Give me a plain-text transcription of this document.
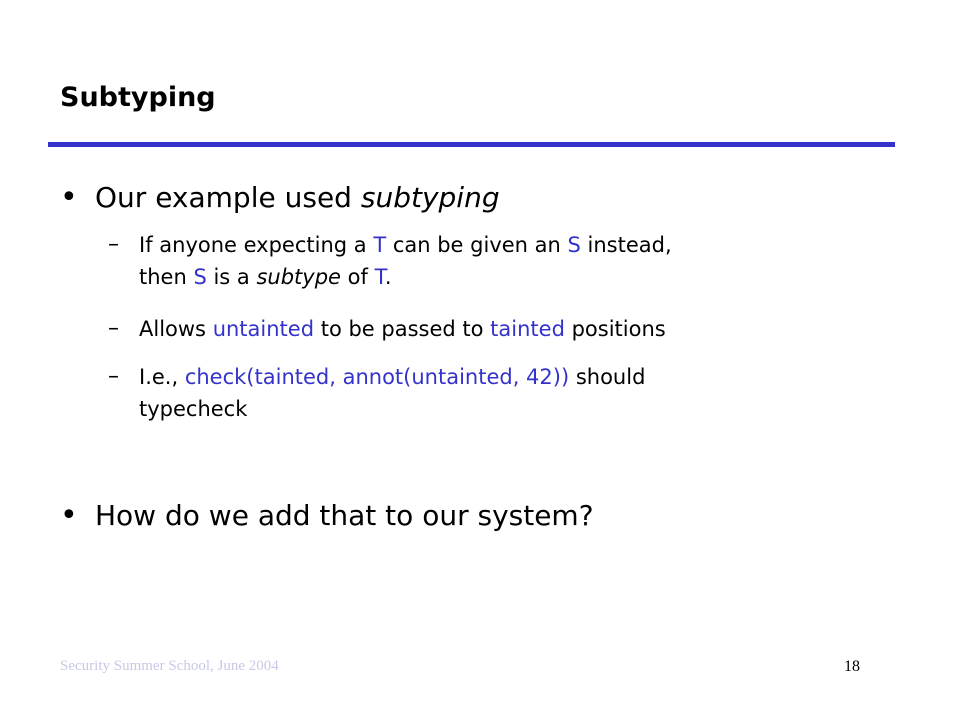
Subtyping
• Our example used subtyping
– If anyone expecting a T can be given an S instead,
then S is a subtype of T.
– Allows untainted to be passed to tainted positions
– I.e., check(tainted, annot(untainted, 42)) should
typecheck
• How do we add that to our system?
Security Summer School, June 2004	18
